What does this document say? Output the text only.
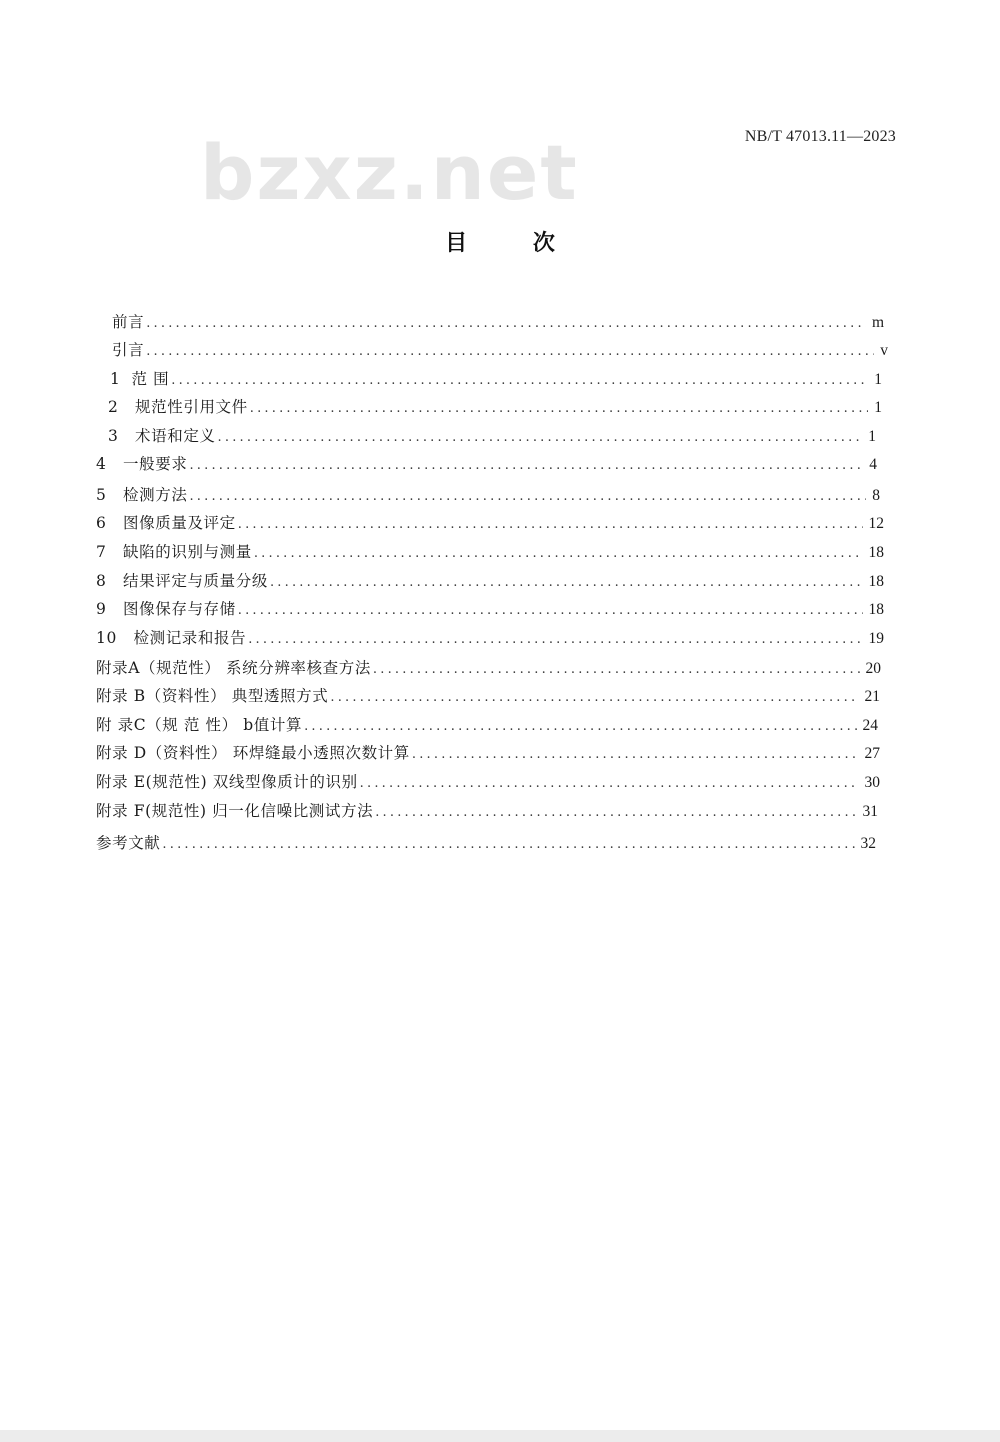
bzxz.net	NB/T 47013.11—2023
目 次
前言 .....	m
引言 .....	v
1  范 围 .....	1
2   规范性引用文件 .....	1
3   术语和定义 .....	1
4   一般要求 .....	4
5   检测方法 .....	8
6   图像质量及评定 .....	12
7   缺陷的识别与测量 .....	18
8   结果评定与质量分级 .....	18
9   图像保存与存储 .....	18
10   检测记录和报告 .....	19
附录A（规范性） 系统分辨率核查方法 .....	20
附录 B（资料性） 典型透照方式 .....	21
附 录C（规 范 性） b值计算 .....	24
附录 D（资料性） 环焊缝最小透照次数计算 .....	27
附录 E(规范性) 双线型像质计的识别 .....	30
附录 F(规范性) 归一化信噪比测试方法 .....	31
参考文献 .....	32
